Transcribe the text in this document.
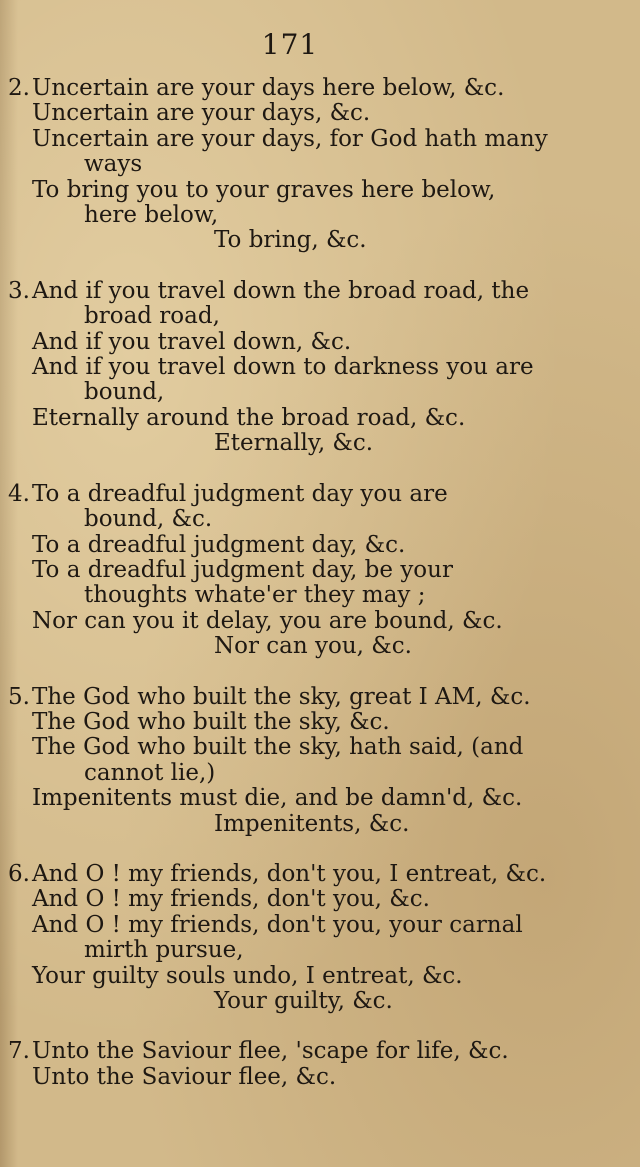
171
2.Uncertain are your days here below, &c.
Uncertain are your days, &c.
Uncertain are your days, for God hath many
ways
To bring you to your graves here below,
here below,
To bring, &c.
3.And if you travel down the broad road, the
broad road,
And if you travel down, &c.
And if you travel down to darkness you are
bound,
Eternally around the broad road, &c.
Eternally, &c.
4.To a dreadful judgment day you are
bound, &c.
To a dreadful judgment day, &c.
To a dreadful judgment day, be your
thoughts whate'er they may ;
Nor can you it delay, you are bound, &c.
Nor can you, &c.
5.The God who built the sky, great I AM, &c.
The God who built the sky, &c.
The God who built the sky, hath said, (and
cannot lie,)
Impenitents must die, and be damn'd, &c.
Impenitents, &c.
6.And O ! my friends, don't you, I entreat, &c.
And O ! my friends, don't you, &c.
And O ! my friends, don't you, your carnal
mirth pursue,
Your guilty souls undo, I entreat, &c.
Your guilty, &c.
7.Unto the Saviour flee, 'scape for life, &c.
Unto the Saviour flee, &c.
